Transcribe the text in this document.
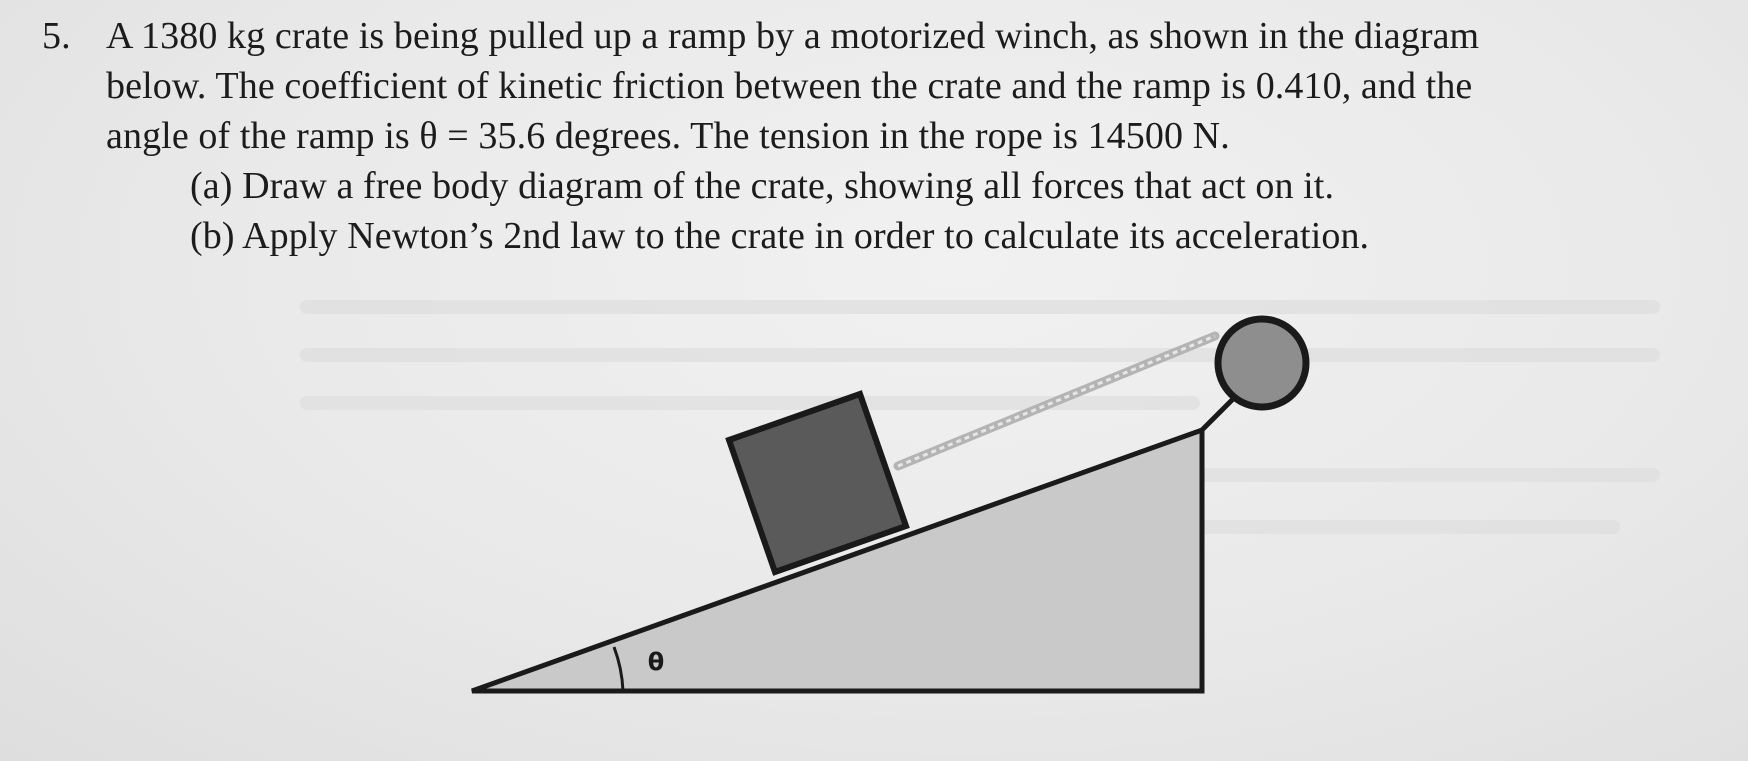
5. A 1380 kg crate is being pulled up a ramp by a motorized winch, as shown in the diagram
below. The coefficient of kinetic friction between the crate and the ramp is 0.410, and the
angle of the ramp is θ = 35.6 degrees. The tension in the rope is 14500 N.
(a) Draw a free body diagram of the crate, showing all forces that act on it.
(b) Apply Newton’s 2nd law to the crate in order to calculate its acceleration.
θ
